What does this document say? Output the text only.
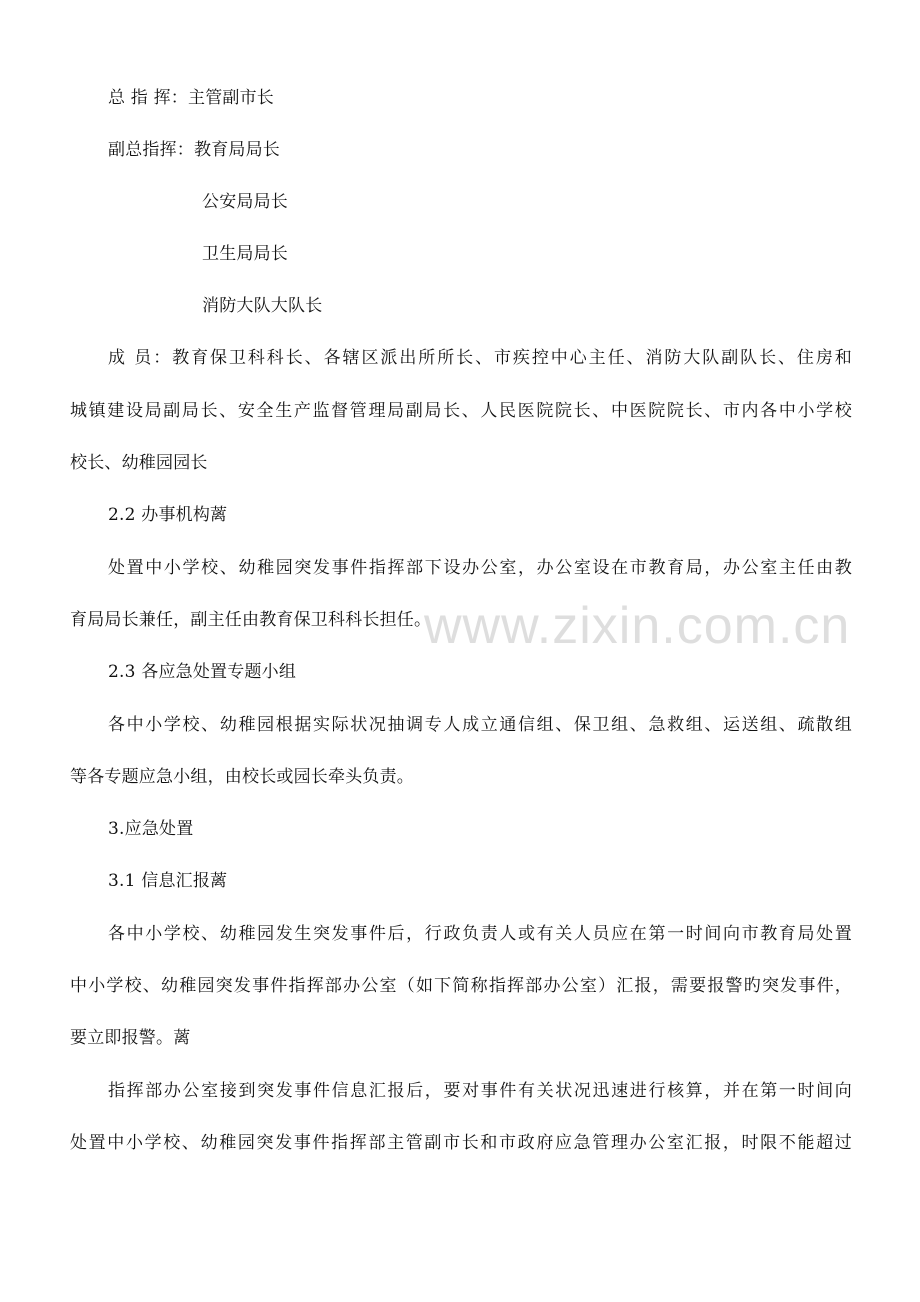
总 指 挥：主管副市长
副总指挥：教育局局长
公安局局长
卫生局局长
消防大队大队长
成 员：教育保卫科科长、各辖区派出所所长、市疾控中心主任、消防大队副队长、住房和
城镇建设局副局长、安全生产监督管理局副局长、人民医院院长、中医院院长、市内各中小学校
校长、幼稚园园长
2.2 办事机构蓠
处置中小学校、幼稚园突发事件指挥部下设办公室，办公室设在市教育局，办公室主任由教
育局局长兼任，副主任由教育保卫科科长担任。
2.3 各应急处置专题小组
各中小学校、幼稚园根据实际状况抽调专人成立通信组、保卫组、急救组、运送组、疏散组
等各专题应急小组，由校长或园长牵头负责。
3.应急处置
3.1 信息汇报蓠
各中小学校、幼稚园发生突发事件后，行政负责人或有关人员应在第一时间向市教育局处置
中小学校、幼稚园突发事件指挥部办公室（如下简称指挥部办公室）汇报，需要报警旳突发事件，
要立即报警。蓠
指挥部办公室接到突发事件信息汇报后，要对事件有关状况迅速进行核算，并在第一时间向
处置中小学校、幼稚园突发事件指挥部主管副市长和市政府应急管理办公室汇报，时限不能超过
www.zixin.com.cn
